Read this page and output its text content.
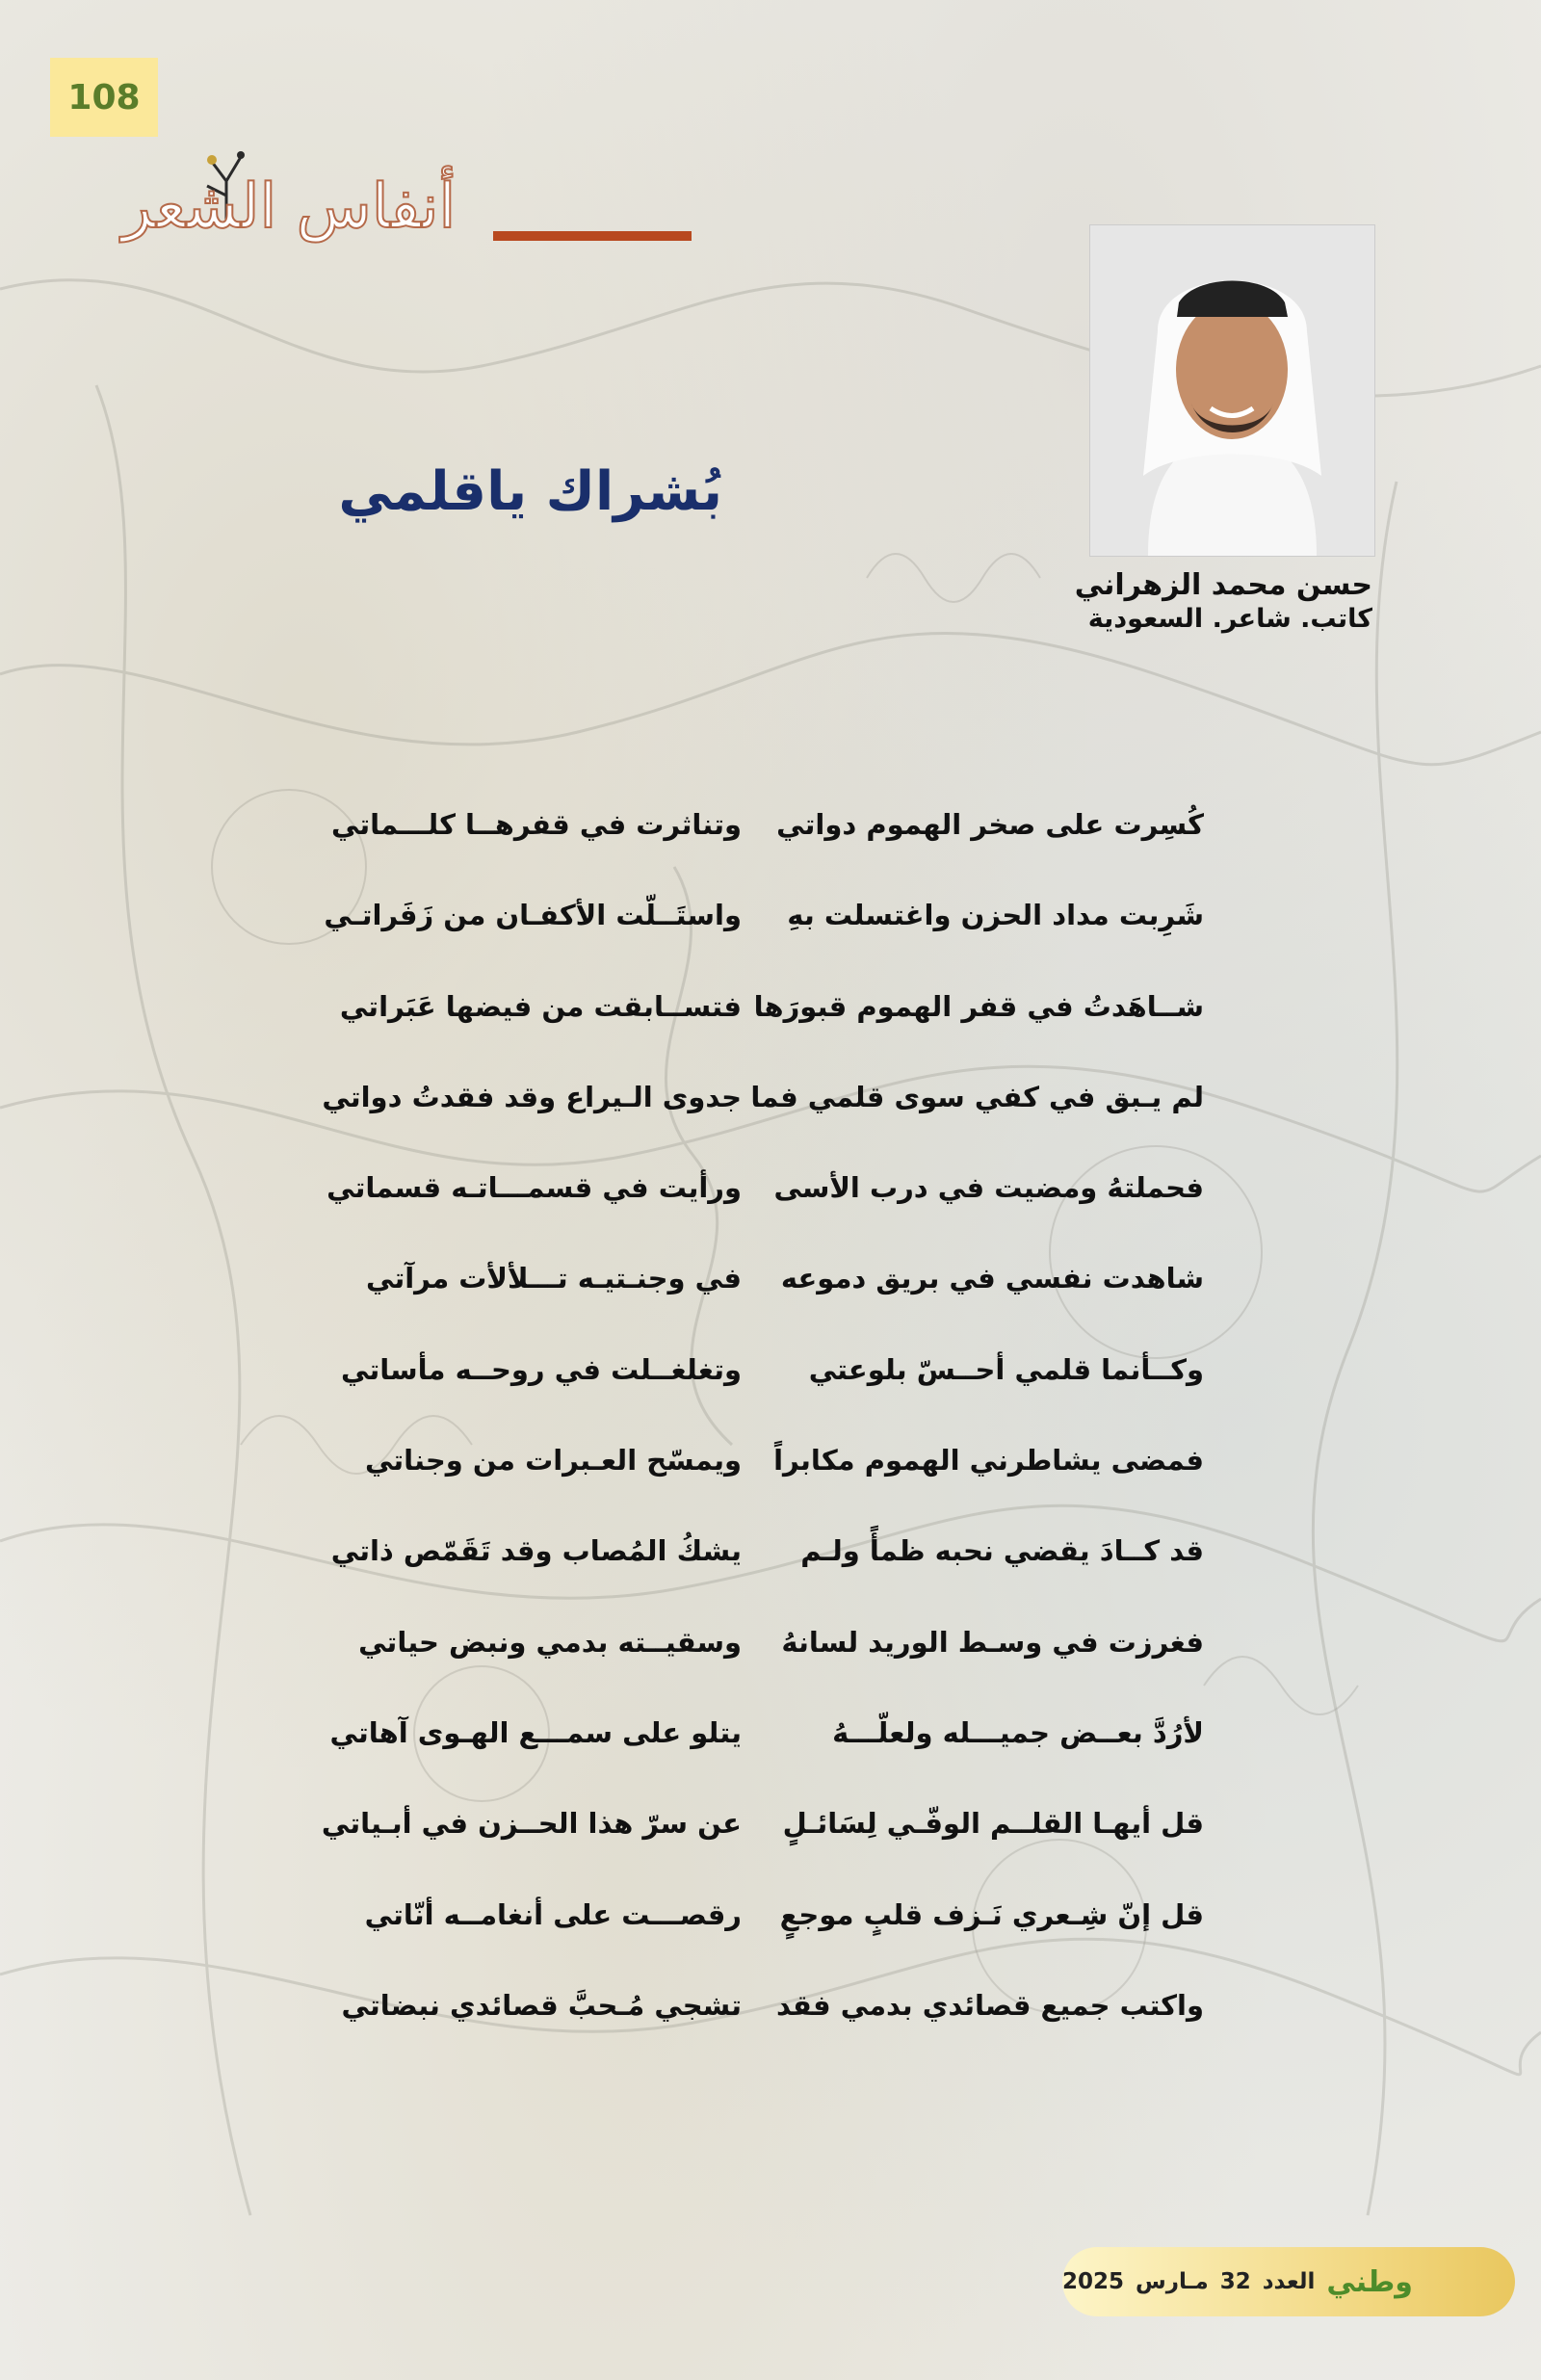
108
أنفاس الشعر
حسن محمد الزهراني
كاتب. شاعر. السعودية
بُشراك ياقلمي
كُسِرت على صخر الهموم دواتي
وتناثرت في قفرهــا كلـــماتي
شَرِبت مداد الحزن واغتسلت بهِ
واستَــلّت الأكفـان من زَفَراتـي
شــاهَدتُ في قفر الهموم قبورَها
فتســابقت من فيضها عَبَراتي
لم يـبق في كفي سوى قلمي فما
جدوى الـيراع وقد فقدتُ دواتي
فحملتهُ ومضيت في درب الأسى
ورأيت في قسمـــاتـه قسماتي
شاهدت نفسي في بريق دموعه
في وجنـتيـه تـــلألأت مرآتي
وكــأنما قلمي أحــسّ بلوعتي
وتغلغــلت في روحــه مأساتي
فمضى يشاطرني الهموم مكابراً
ويمسّح العـبرات من وجناتي
قد كــادَ يقضي نحبه ظمأً ولـم
يشكُ المُصاب وقد تَقَمّص ذاتي
فغرزت في وسـط الوريد لسانهُ
وسقيــته بدمي ونبض حياتي
لأرُدَّ بعــض جميـــله ولعلّـــهُ
يتلو على سمـــع الهـوى آهاتي
قل أيهـا القلــم الوفّـي لِسَائـلٍ
عن سرّ هذا الحــزن في أبـياتي
قل إنّ شِـعري نَـزف قلبٍ موجعٍ
رقصـــت على أنغامــه أنّاتي
واكتب جميع قصائدي بدمي فقد
تشجي مُـحبَّ قصائدي نبضاتي
وطني
العدد
32
مـارس
2025
